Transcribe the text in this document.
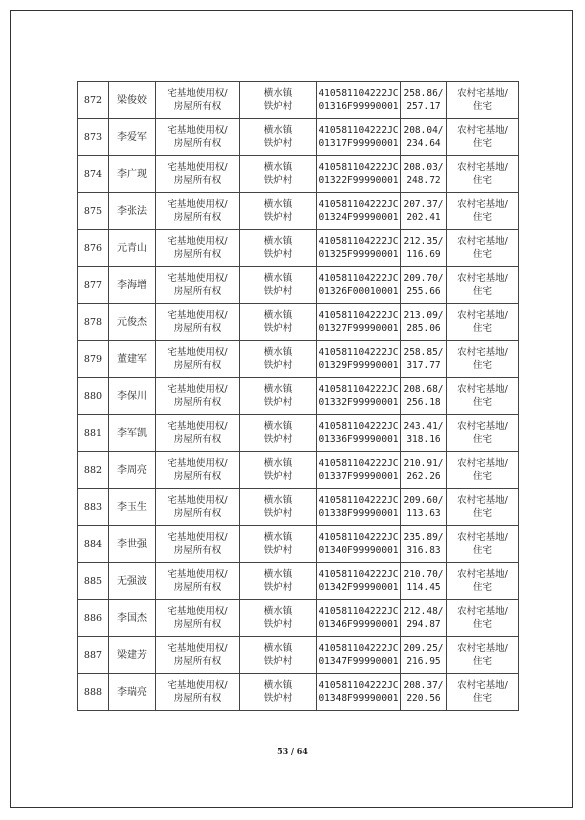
872	梁俊姣	宅基地使用权/
房屋所有权	横水镇
铁炉村	410581104222JC
01316F99990001	258.86/
257.17	农村宅基地/
住宅
873	李爱军	宅基地使用权/
房屋所有权	横水镇
铁炉村	410581104222JC
01317F99990001	208.04/
234.64	农村宅基地/
住宅
874	李广现	宅基地使用权/
房屋所有权	横水镇
铁炉村	410581104222JC
01322F99990001	208.03/
248.72	农村宅基地/
住宅
875	李张法	宅基地使用权/
房屋所有权	横水镇
铁炉村	410581104222JC
01324F99990001	207.37/
202.41	农村宅基地/
住宅
876	元青山	宅基地使用权/
房屋所有权	横水镇
铁炉村	410581104222JC
01325F99990001	212.35/
116.69	农村宅基地/
住宅
877	李海增	宅基地使用权/
房屋所有权	横水镇
铁炉村	410581104222JC
01326F00010001	209.70/
255.66	农村宅基地/
住宅
878	元俊杰	宅基地使用权/
房屋所有权	横水镇
铁炉村	410581104222JC
01327F99990001	213.09/
285.06	农村宅基地/
住宅
879	董建军	宅基地使用权/
房屋所有权	横水镇
铁炉村	410581104222JC
01329F99990001	258.85/
317.77	农村宅基地/
住宅
880	李保川	宅基地使用权/
房屋所有权	横水镇
铁炉村	410581104222JC
01332F99990001	208.68/
256.18	农村宅基地/
住宅
881	李军凯	宅基地使用权/
房屋所有权	横水镇
铁炉村	410581104222JC
01336F99990001	243.41/
318.16	农村宅基地/
住宅
882	李周亮	宅基地使用权/
房屋所有权	横水镇
铁炉村	410581104222JC
01337F99990001	210.91/
262.26	农村宅基地/
住宅
883	李玉生	宅基地使用权/
房屋所有权	横水镇
铁炉村	410581104222JC
01338F99990001	209.60/
113.63	农村宅基地/
住宅
884	李世强	宅基地使用权/
房屋所有权	横水镇
铁炉村	410581104222JC
01340F99990001	235.89/
316.83	农村宅基地/
住宅
885	无强波	宅基地使用权/
房屋所有权	横水镇
铁炉村	410581104222JC
01342F99990001	210.70/
114.45	农村宅基地/
住宅
886	李国杰	宅基地使用权/
房屋所有权	横水镇
铁炉村	410581104222JC
01346F99990001	212.48/
294.87	农村宅基地/
住宅
887	梁建芳	宅基地使用权/
房屋所有权	横水镇
铁炉村	410581104222JC
01347F99990001	209.25/
216.95	农村宅基地/
住宅
888	李瑞亮	宅基地使用权/
房屋所有权	横水镇
铁炉村	410581104222JC
01348F99990001	208.37/
220.56	农村宅基地/
住宅
53 / 64
